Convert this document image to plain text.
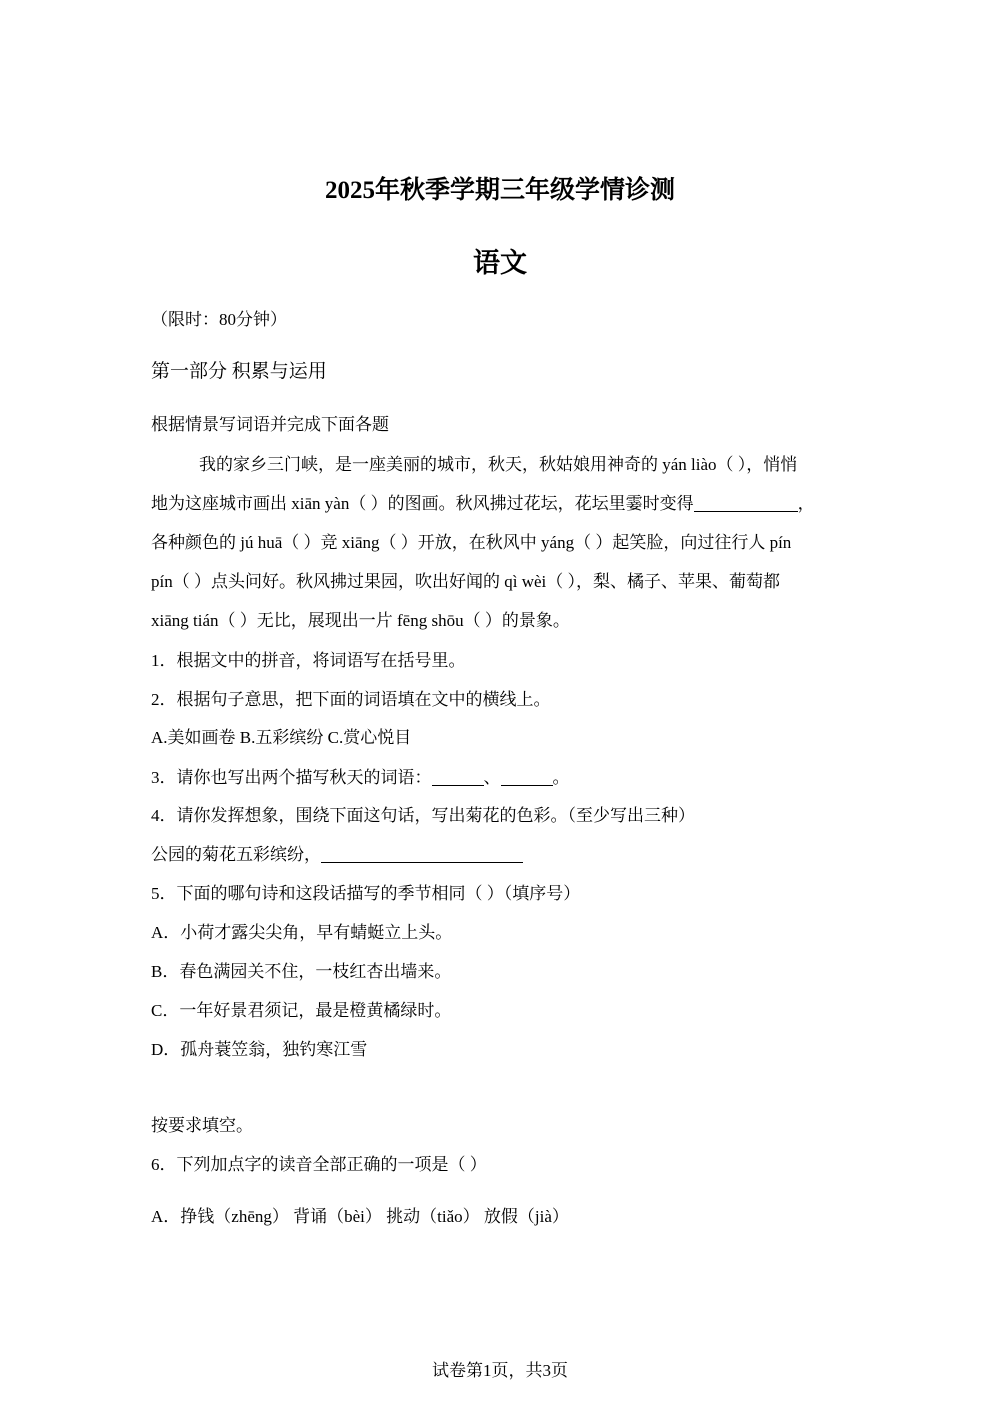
2025年秋季学期三年级学情诊测
语文
（限时：80分钟）
第一部分 积累与运用
根据情景写词语并完成下面各题
我的家乡三门峡，是一座美丽的城市，秋天，秋姑娘用神奇的 yán liào（ ），悄悄
地为这座城市画出 xiān yàn（ ）的图画。秋风拂过花坛，花坛里霎时变得	，
各种颜色的 jú huā（ ）竞 xiāng（ ）开放，在秋风中 yáng（ ）起笑脸，向过往行人 pín
pín（ ）点头问好。秋风拂过果园，吹出好闻的 qì wèi（ ），梨、橘子、苹果、葡萄都
xiāng tián（ ）无比，展现出一片 fēng shōu（ ）的景象。
1．根据文中的拼音，将词语写在括号里。
2．根据句子意思，把下面的词语填在文中的横线上。
A.美如画卷 B.五彩缤纷 C.赏心悦目
3．请你也写出两个描写秋天的词语：	、	。
4．请你发挥想象，围绕下面这句话，写出菊花的色彩。（至少写出三种）
公园的菊花五彩缤纷，
5．下面的哪句诗和这段话描写的季节相同（ ）（填序号）
A．小荷才露尖尖角，早有蜻蜓立上头。
B．春色满园关不住，一枝红杏出墙来。
C．一年好景君须记，最是橙黄橘绿时。
D．孤舟蓑笠翁，独钓寒江雪
按要求填空。
6．下列加点字的读音全部正确的一项是（ ）
A．挣钱（zhēng） 背诵（bèi） 挑动（tiǎo） 放假（jià）
试卷第1页，共3页
